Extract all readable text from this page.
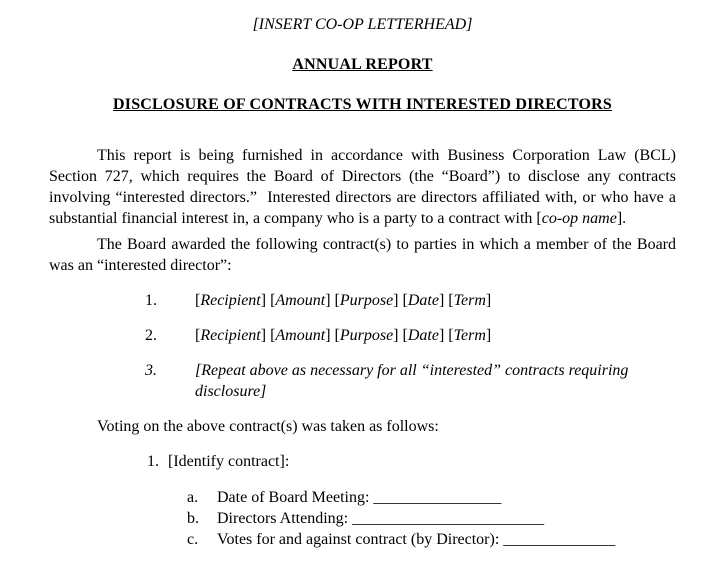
[INSERT CO-OP LETTERHEAD]
ANNUAL REPORT
DISCLOSURE OF CONTRACTS WITH INTERESTED DIRECTORS

This report is being furnished in accordance with Business Corporation Law (BCL) Section 727, which requires the Board of Directors (the “Board”) to disclose any contracts involving “interested directors.”  Interested directors are directors affiliated with, or who have a substantial financial interest in, a company who is a party to a contract with [co-op name].

The Board awarded the following contract(s) to parties in which a member of the Board was an “interested director”:

1.	[Recipient] [Amount] [Purpose] [Date] [Term]
2.	[Recipient] [Amount] [Purpose] [Date] [Term]
3.	[Repeat above as necessary for all “interested” contracts requiring disclosure]

Voting on the above contract(s) was taken as follows:

1. [Identify contract]:
a.	Date of Board Meeting: ________________
b.	Directors Attending: ________________________
c.	Votes for and against contract (by Director): ______________
